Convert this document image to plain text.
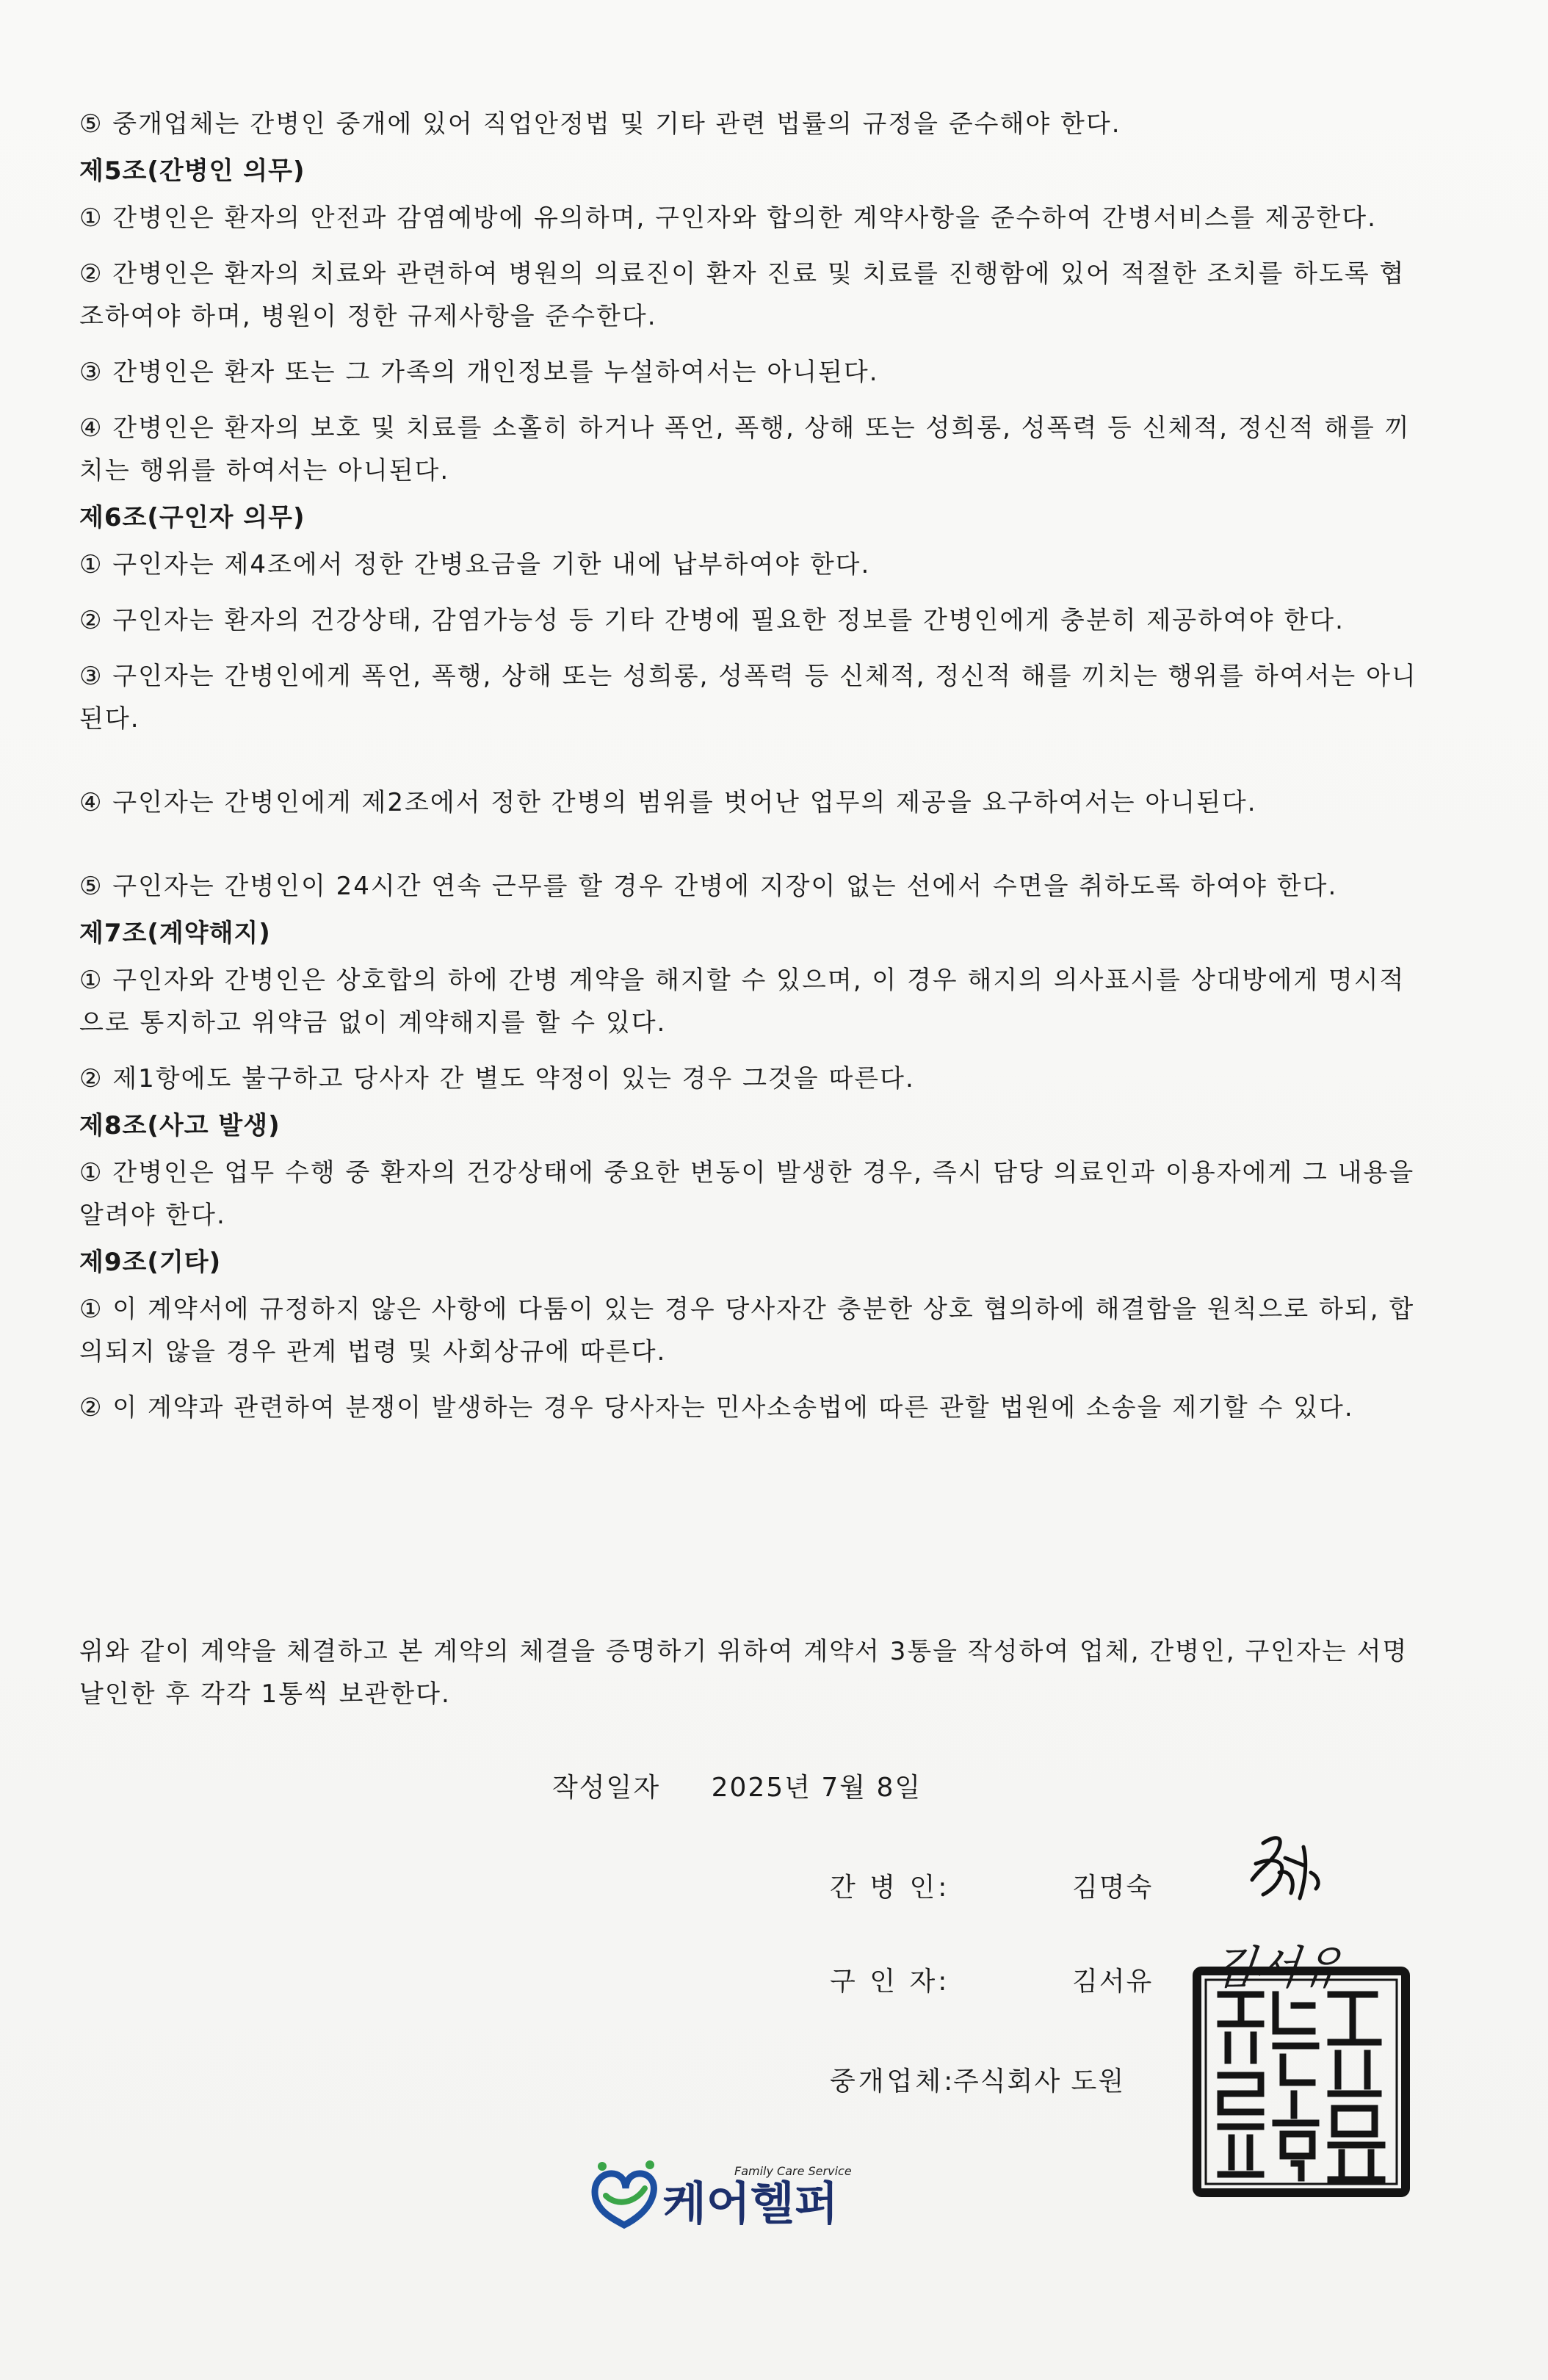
⑤ 중개업체는 간병인 중개에 있어 직업안정법 및 기타 관련 법률의 규정을 준수해야 한다.

제5조(간병인 의무)

① 간병인은 환자의 안전과 감염예방에 유의하며, 구인자와 합의한 계약사항을 준수하여 간병서비스를 제공한다.

② 간병인은 환자의 치료와 관련하여 병원의 의료진이 환자 진료 및 치료를 진행함에 있어 적절한 조치를 하도록 협조하여야 하며, 병원이 정한 규제사항을 준수한다.

③ 간병인은 환자 또는 그 가족의 개인정보를 누설하여서는 아니된다.

④ 간병인은 환자의 보호 및 치료를 소홀히 하거나 폭언, 폭행, 상해 또는 성희롱, 성폭력 등 신체적, 정신적 해를 끼치는 행위를 하여서는 아니된다.

제6조(구인자 의무)

① 구인자는 제4조에서 정한 간병요금을 기한 내에 납부하여야 한다.

② 구인자는 환자의 건강상태, 감염가능성 등 기타 간병에 필요한 정보를 간병인에게 충분히 제공하여야 한다.

③ 구인자는 간병인에게 폭언, 폭행, 상해 또는 성희롱, 성폭력 등 신체적, 정신적 해를 끼치는 행위를 하여서는 아니된다.

④ 구인자는 간병인에게 제2조에서 정한 간병의 범위를 벗어난 업무의 제공을 요구하여서는 아니된다.

⑤ 구인자는 간병인이 24시간 연속 근무를 할 경우 간병에 지장이 없는 선에서 수면을 취하도록 하여야 한다.

제7조(계약해지)

① 구인자와 간병인은 상호합의 하에 간병 계약을 해지할 수 있으며, 이 경우 해지의 의사표시를 상대방에게 명시적으로 통지하고 위약금 없이 계약해지를 할 수 있다.

② 제1항에도 불구하고 당사자 간 별도 약정이 있는 경우 그것을 따른다.

제8조(사고 발생)

① 간병인은 업무 수행 중 환자의 건강상태에 중요한 변동이 발생한 경우, 즉시 담당 의료인과 이용자에게 그 내용을 알려야 한다.

제9조(기타)

① 이 계약서에 규정하지 않은 사항에 다툼이 있는 경우 당사자간 충분한 상호 협의하에 해결함을 원칙으로 하되, 합의되지 않을 경우 관계 법령 및 사회상규에 따른다.

② 이 계약과 관련하여 분쟁이 발생하는 경우 당사자는 민사소송법에 따른 관할 법원에 소송을 제기할 수 있다.

위와 같이 계약을 체결하고 본 계약의 체결을 증명하기 위하여 계약서 3통을 작성하여 업체, 간병인, 구인자는 서명 날인한 후 각각 1통씩 보관한다.

작성일자 2025년 7월 8일
간 병 인:	김명숙
구 인 자:	김서유 김서유
중개업체:
주식회사 도원
Family Care Service
케어헬퍼
